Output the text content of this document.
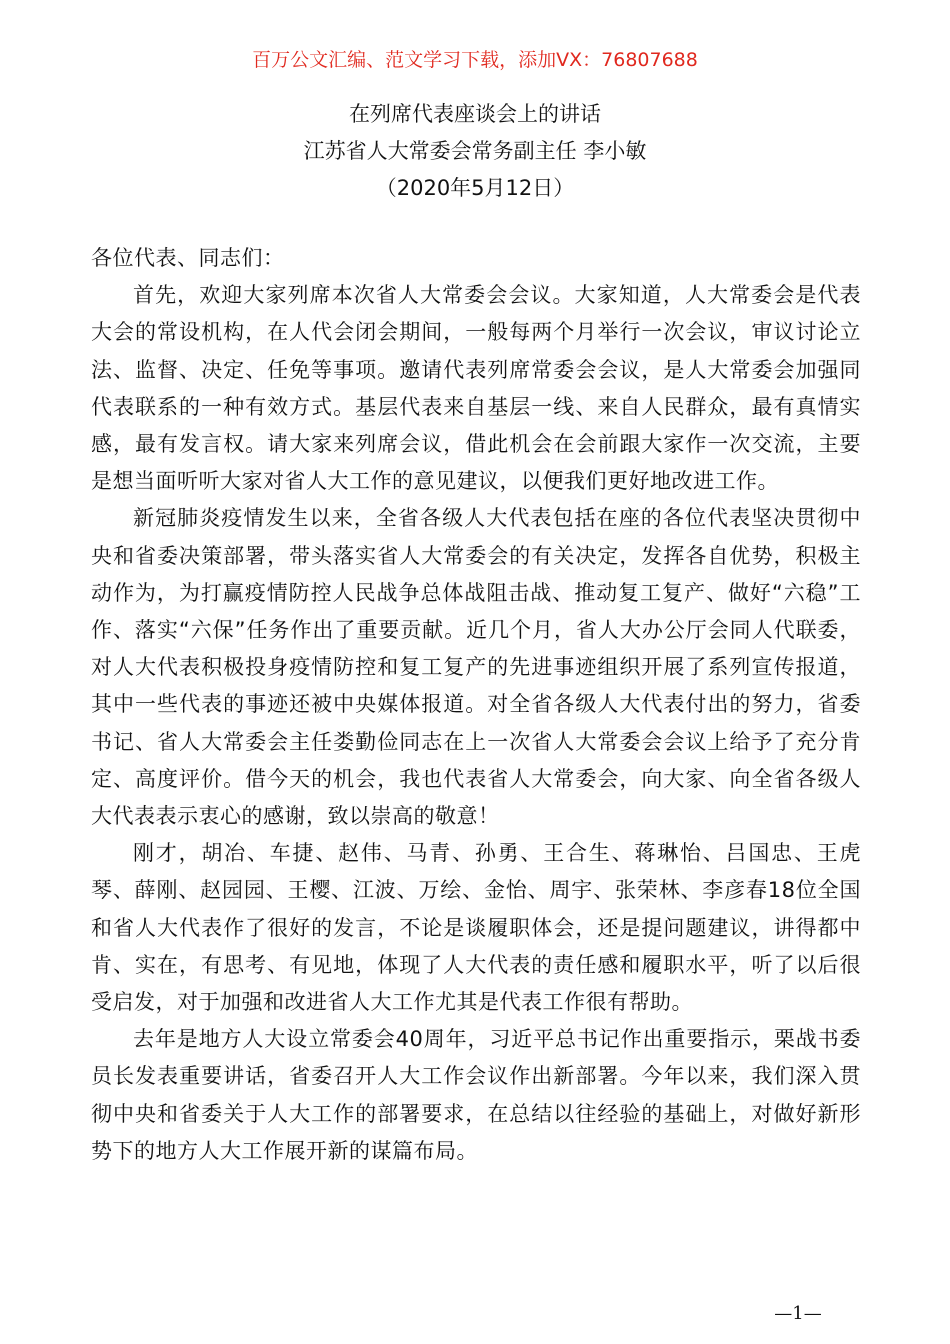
百万公文汇编、范文学习下载，添加VX：76807688

在列席代表座谈会上的讲话

江苏省人大常委会常务副主任 李小敏

（2020年5月12日）

各位代表、同志们：

首先，欢迎大家列席本次省人大常委会会议。大家知道，人大常委会是代表大会的常设机构，在人代会闭会期间，一般每两个月举行一次会议，审议讨论立法、监督、决定、任免等事项。邀请代表列席常委会会议，是人大常委会加强同代表联系的一种有效方式。基层代表来自基层一线、来自人民群众，最有真情实感，最有发言权。请大家来列席会议，借此机会在会前跟大家作一次交流，主要是想当面听听大家对省人大工作的意见建议，以便我们更好地改进工作。

新冠肺炎疫情发生以来，全省各级人大代表包括在座的各位代表坚决贯彻中央和省委决策部署，带头落实省人大常委会的有关决定，发挥各自优势，积极主动作为，为打赢疫情防控人民战争总体战阻击战、推动复工复产、做好“六稳”工作、落实“六保”任务作出了重要贡献。近几个月，省人大办公厅会同人代联委，对人大代表积极投身疫情防控和复工复产的先进事迹组织开展了系列宣传报道，其中一些代表的事迹还被中央媒体报道。对全省各级人大代表付出的努力，省委书记、省人大常委会主任娄勤俭同志在上一次省人大常委会会议上给予了充分肯定、高度评价。借今天的机会，我也代表省人大常委会，向大家、向全省各级人大代表表示衷心的感谢，致以崇高的敬意！

刚才，胡冶、车捷、赵伟、马青、孙勇、王合生、蒋琳怡、吕国忠、王虎琴、薛刚、赵园园、王樱、江波、万绘、金怡、周宇、张荣林、李彦春18位全国和省人大代表作了很好的发言，不论是谈履职体会，还是提问题建议，讲得都中肯、实在，有思考、有见地，体现了人大代表的责任感和履职水平，听了以后很受启发，对于加强和改进省人大工作尤其是代表工作很有帮助。

去年是地方人大设立常委会40周年，习近平总书记作出重要指示，栗战书委员长发表重要讲话，省委召开人大工作会议作出新部署。今年以来，我们深入贯彻中央和省委关于人大工作的部署要求，在总结以往经验的基础上，对做好新形势下的地方人大工作展开新的谋篇布局。

—1—
